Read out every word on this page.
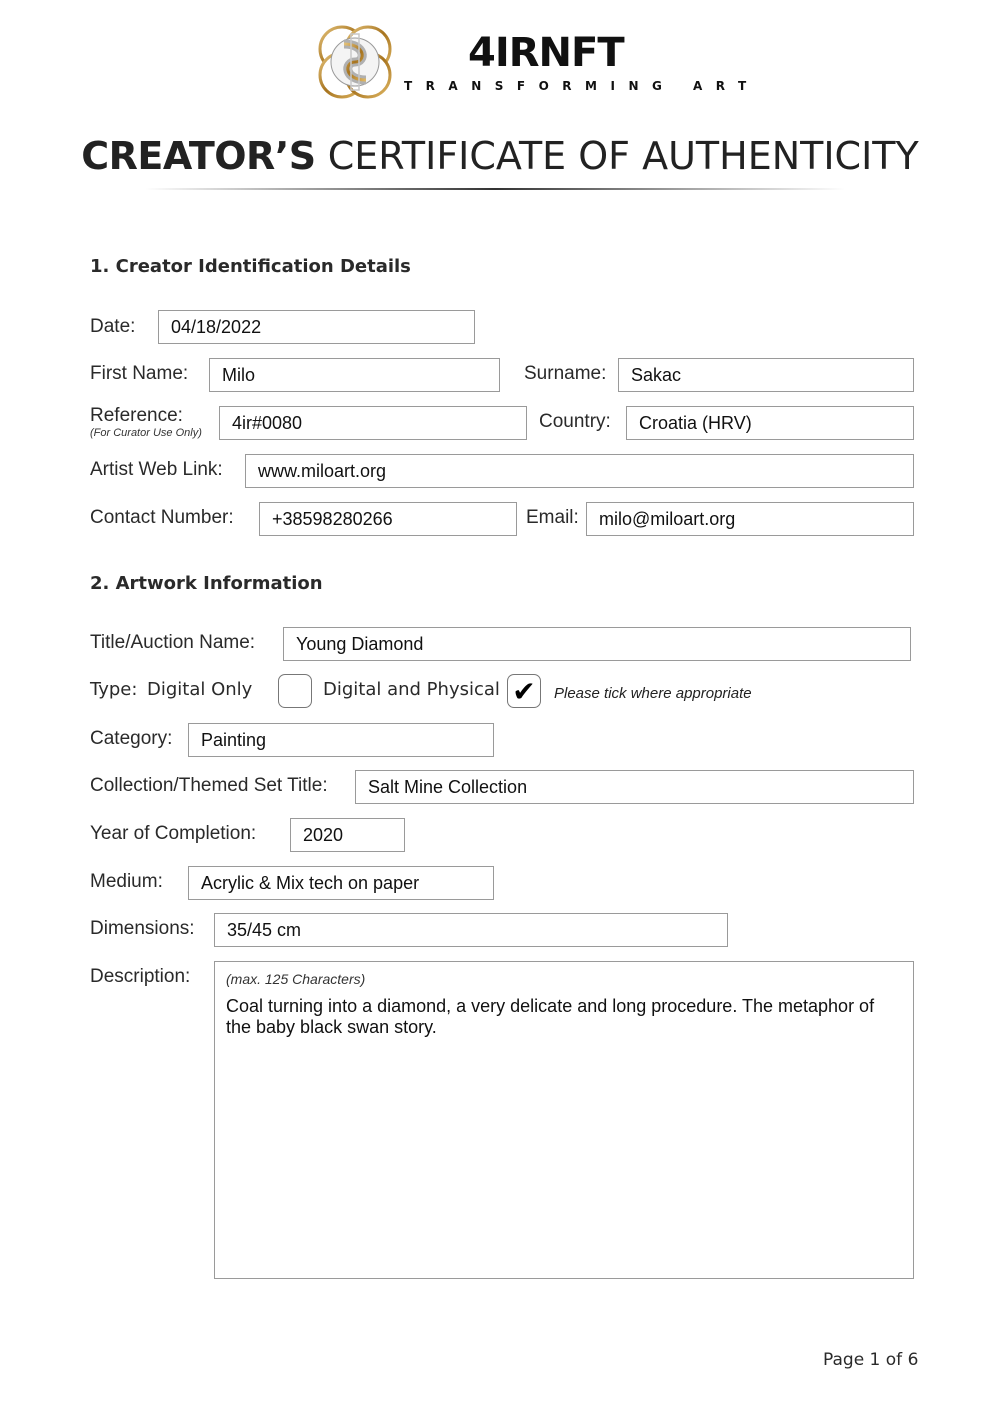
4IRNFT
TRANSFORMING ART
CREATOR’S CERTIFICATE OF AUTHENTICITY
1. Creator Identification Details
Date:	04/18/2022
First Name:	Milo	Surname:	Sakac
Reference:
(For Curator Use Only)
4ir#0080	Country:	Croatia (HRV)
Artist Web Link:	www.miloart.org
Contact Number:	+38598280266	Email:	milo@miloart.org
2. Artwork Information
Title/Auction Name:	Young Diamond
Type: Digital Only	Digital and Physical ✔ Please tick where appropriate
Category:	Painting
Collection/Themed Set Title:	Salt Mine Collection
Year of Completion:	2020
Medium:	Acrylic & Mix tech on paper
Dimensions:	35/45 cm
Description:	(max. 125 Characters)
Coal turning into a diamond, a very delicate and long procedure. The metaphor of the baby black swan story.
Page 1 of 6
